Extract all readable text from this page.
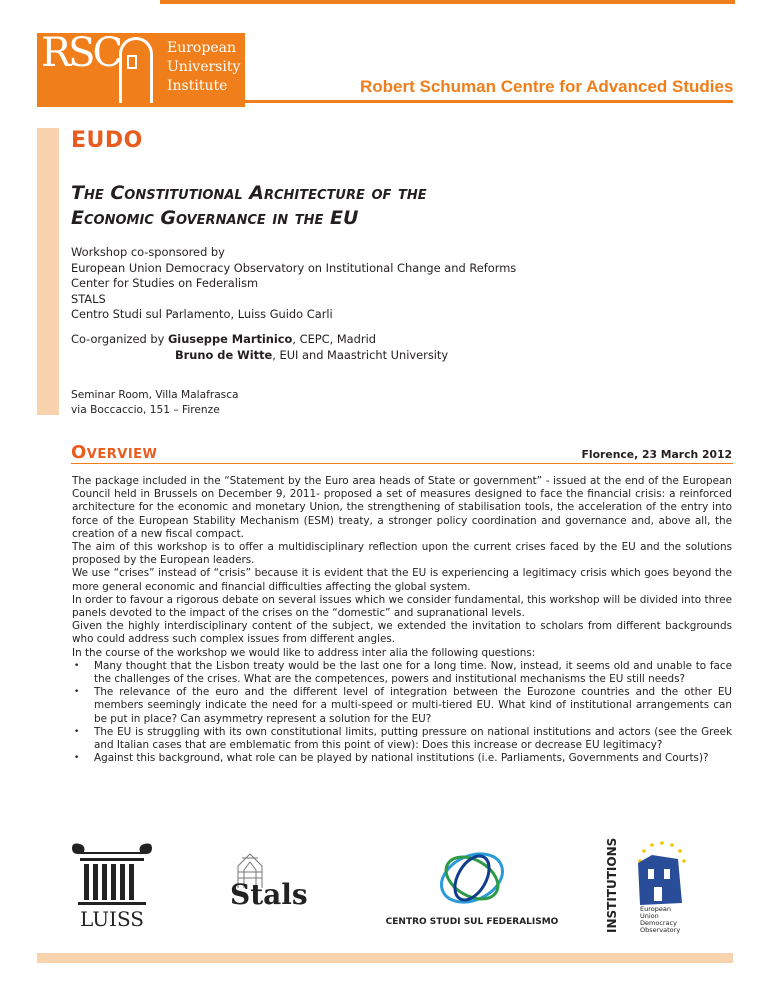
RSC	European
University
Institute	Robert Schuman Centre for Advanced Studies
EUDO
The Constitutional Architecture of the
Economic Governance in the EU
Workshop co-sponsored by
European Union Democracy Observatory on Institutional Change and Reforms
Center for Studies on Federalism
STALS
Centro Studi sul Parlamento, Luiss Guido Carli
Co-organized by Giuseppe Martinico, CEPC, Madrid
Bruno de Witte, EUI and Maastricht University
Seminar Room, Villa Malafrasca
via Boccaccio, 151 – Firenze
Overview	Florence, 23 March 2012

The package included in the “Statement by the Euro area heads of State or government” - issued at the end of the European Council held in Brussels on December 9, 2011- proposed a set of measures designed to face the financial crisis: a reinforced architecture for the economic and monetary Union, the strengthening of stabilisation tools, the acceleration of the entry into force of the European Stability Mechanism (ESM) treaty, a stronger policy coordination and governance and, above all, the creation of a new fiscal compact.

The aim of this workshop is to offer a multidisciplinary reflection upon the current crises faced by the EU and the solutions proposed by the European leaders.

We use “crises” instead of “crisis” because it is evident that the EU is experiencing a legitimacy crisis which goes beyond the more general economic and financial difficulties affecting the global system.

In order to favour a rigorous debate on several issues which we consider fundamental, this workshop will be divided into three panels devoted to the impact of the crises on the “domestic” and supranational levels.

Given the highly interdisciplinary content of the subject, we extended the invitation to scholars from different backgrounds who could address such complex issues from different angles.

In the course of the workshop we would like to address inter alia the following questions:

• Many thought that the Lisbon treaty would be the last one for a long time. Now, instead, it seems old and unable to face the challenges of the crises. What are the competences, powers and institutional mechanisms the EU still needs?
• The relevance of the euro and the different level of integration between the Eurozone countries and the other EU members seemingly indicate the need for a multi-speed or multi-tiered EU. What kind of institutional arrangements can be put in place? Can asymmetry represent a solution for the EU?
• The EU is struggling with its own constitutional limits, putting pressure on national institutions and actors (see the Greek and Italian cases that are emblematic from this point of view): Does this increase or decrease EU legitimacy?
• Against this background, what role can be played by national institutions (i.e. Parliaments, Governments and Courts)?
LUISS
Stals
CENTRO STUDI SUL FEDERALISMO	INSTITUTIONS	European
Union
Democracy
Observatory
